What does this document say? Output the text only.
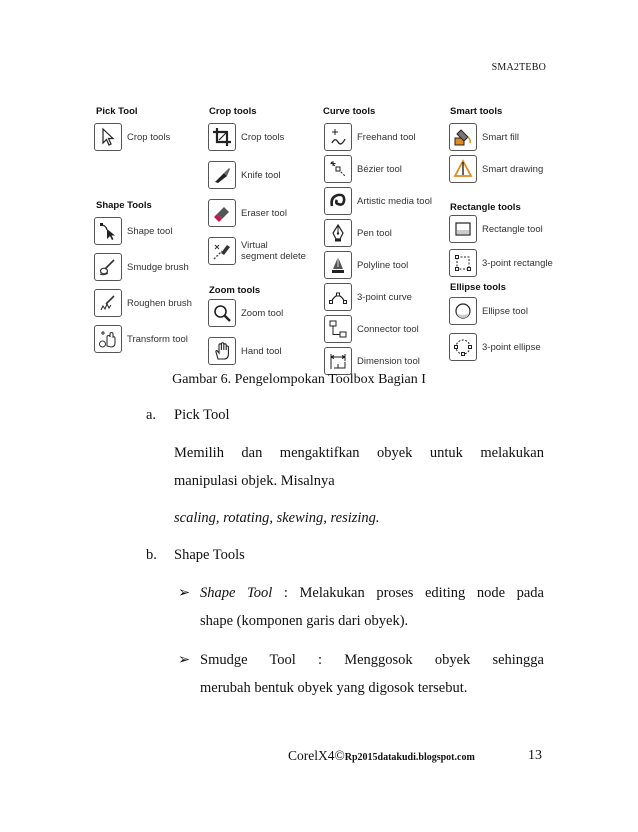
SMA2TEBO
Pick Tool
Crop tools
Shape Tools
Shape tool
Smudge brush
Roughen brush
Transform tool
Crop tools
Crop tools
Knife tool
Eraser tool
Virtual
segment delete
Zoom tools
Zoom tool
Hand tool
Curve tools
Freehand tool
Bézier tool
Artistic media tool
Pen tool
Polyline tool
3-point curve
Connector tool
Dimension tool
Smart tools
Smart fill
Smart drawing
Rectangle tools
Rectangle tool
3-point rectangle
Ellipse tools
Ellipse tool
3-point ellipse
Gambar 6. Pengelompokan Toolbox Bagian I
a. Pick Tool
Memilih dan mengaktifkan obyek untuk melakukan
manipulasi objek. Misalnya
scaling, rotating, skewing, resizing.
b. Shape Tools
➢ Shape Tool : Melakukan proses editing node pada
shape (komponen garis dari obyek).
➢ Smudge Tool : Menggosok obyek sehingga
merubah bentuk obyek yang digosok tersebut.
CorelX4©Rp2015datakudi.blogspot.com	13
